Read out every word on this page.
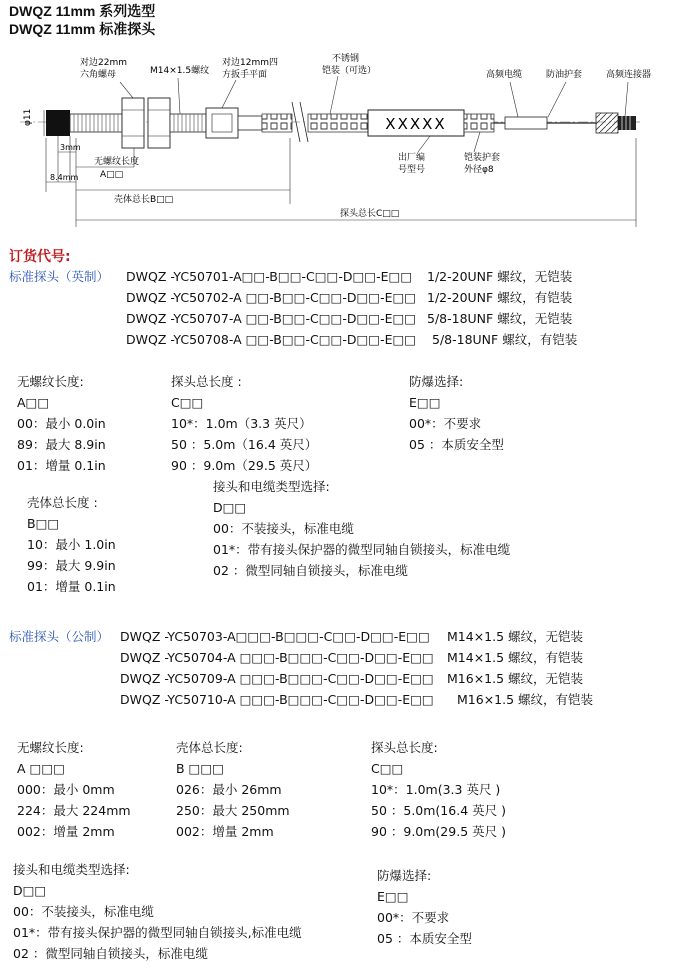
DWQZ 11mm 系列选型
DWQZ 11mm 标准探头
XXXXX
对边22mm
六角螺母	M14×1.5螺纹
对边12mm四
方扳手平面
不锈钢
铠装（可选）	高频电缆	防油护套	高频连接器
出厂编
号型号
铠装护套
外径φ8
φ11
3mm
8.4mm
无螺纹长度
A□□
壳体总长B□□
探头总长C□□
订货代号:
标准探头（英制） DWQZ -YC50701-A□□-B□□-C□□-D□□-E□□ 1/2-20UNF 螺纹，无铠装
DWQZ -YC50702-A □□-B□□-C□□-D□□-E□□ 1/2-20UNF 螺纹，有铠装
DWQZ -YC50707-A □□-B□□-C□□-D□□-E□□ 5/8-18UNF 螺纹，无铠装
DWQZ -YC50708-A □□-B□□-C□□-D□□-E□□ 5/8-18UNF 螺纹，有铠装
无螺纹长度:
A□□
00：最小 0.0in
89：最大 8.9in
01：增量 0.1in
探头总长度 :
C□□
10*：1.0m（3.3 英尺）
50 ：5.0m（16.4 英尺）
90 ：9.0m（29.5 英尺）
防爆选择:
E□□
00*：不要求
05 ：本质安全型
接头和电缆类型选择:
D□□
00：不装接头，标准电缆
01*：带有接头保护器的微型同轴自锁接头，标准电缆
02 ：微型同轴自锁接头，标准电缆
壳体总长度 :
B□□
10：最小 1.0in
99：最大 9.9in
01：增量 0.1in
标准探头（公制） DWQZ -YC50703-A□□□-B□□□-C□□-D□□-E□□ M14×1.5 螺纹，无铠装
DWQZ -YC50704-A □□□-B□□□-C□□-D□□-E□□ M14×1.5 螺纹，有铠装
DWQZ -YC50709-A □□□-B□□□-C□□-D□□-E□□ M16×1.5 螺纹，无铠装
DWQZ -YC50710-A □□□-B□□□-C□□-D□□-E□□ M16×1.5 螺纹，有铠装
无螺纹长度:
A □□□
000：最小 0mm
224：最大 224mm
002：增量 2mm
壳体总长度:
B □□□
026：最小 26mm
250：最大 250mm
002：增量 2mm
探头总长度:
C□□
10*：1.0m(3.3 英尺 )
50 ：5.0m(16.4 英尺 )
90 ：9.0m(29.5 英尺 )
接头和电缆类型选择:
D□□
00：不装接头，标准电缆
01*：带有接头保护器的微型同轴自锁接头,标准电缆
02 ：微型同轴自锁接头，标准电缆
防爆选择:
E□□
00*：不要求
05 ：本质安全型
